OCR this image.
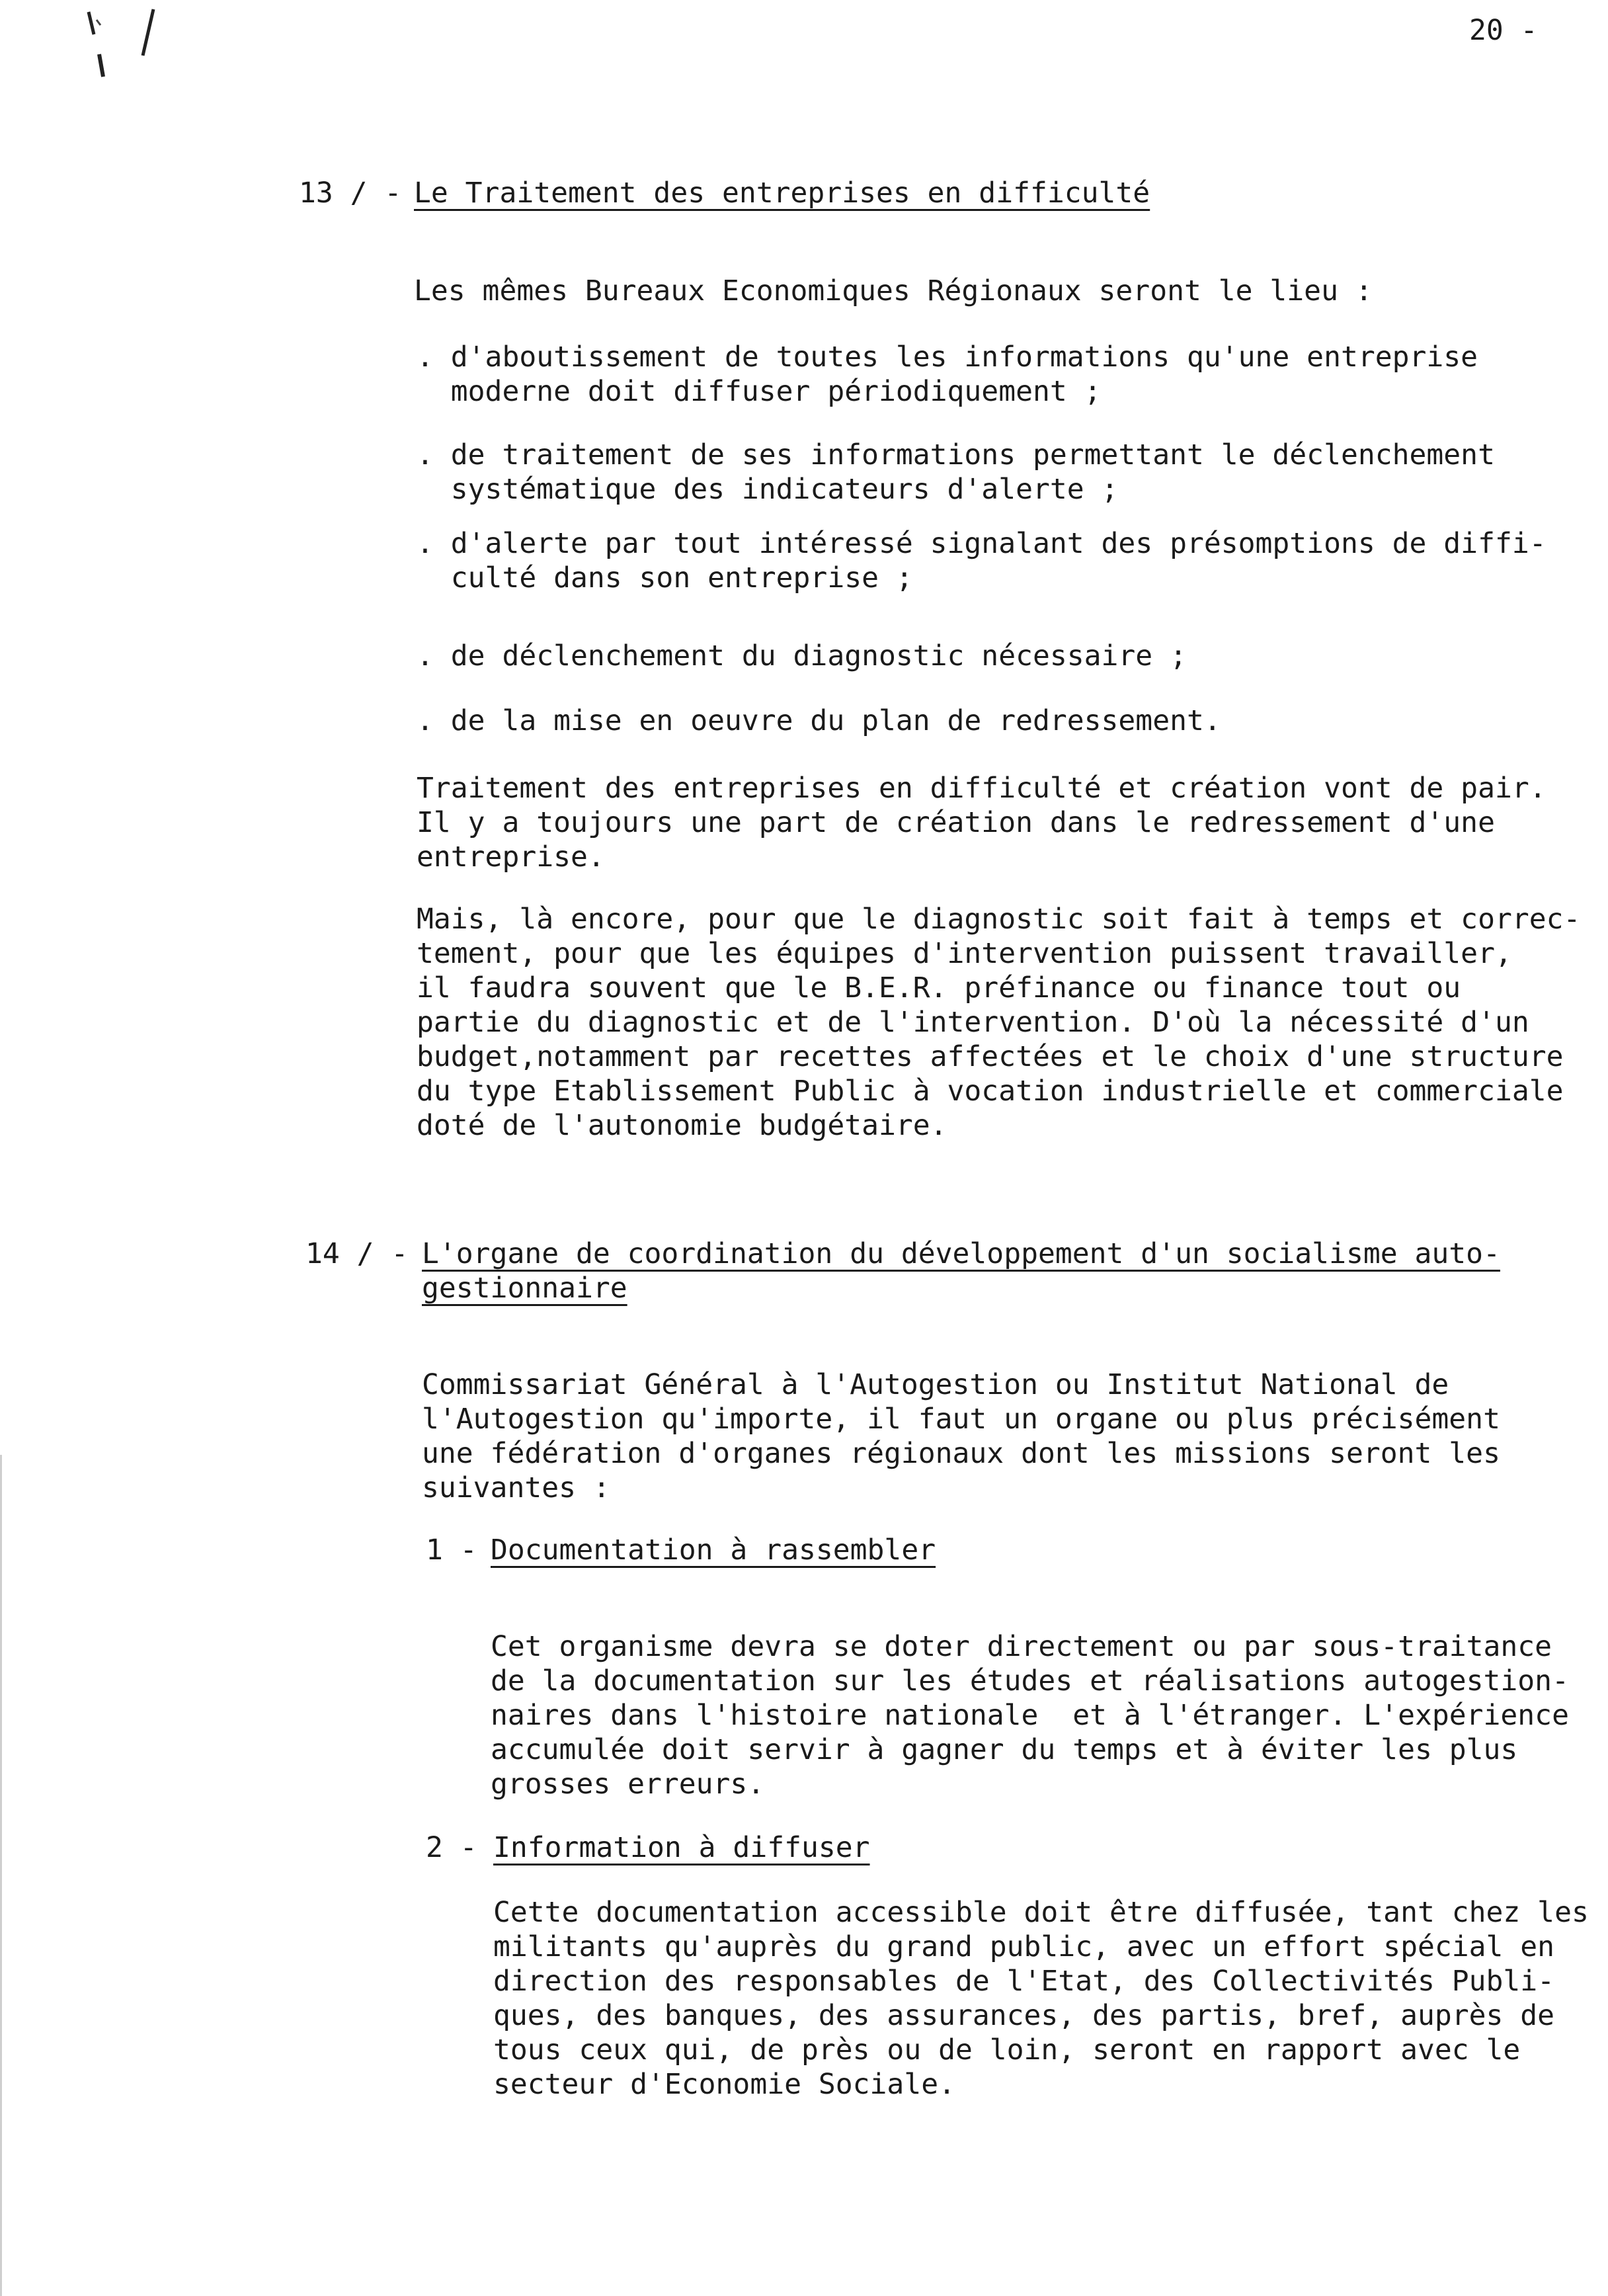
20 -
13 / - Le Traitement des entreprises en difficulté
Les mêmes Bureaux Economiques Régionaux seront le lieu :
. d'aboutissement de toutes les informations qu'une entreprise
moderne doit diffuser périodiquement ;
. de traitement de ses informations permettant le déclenchement
systématique des indicateurs d'alerte ;
. d'alerte par tout intéressé signalant des présomptions de diffi-
culté dans son entreprise ;
. de déclenchement du diagnostic nécessaire ;
. de la mise en oeuvre du plan de redressement.
Traitement des entreprises en difficulté et création vont de pair.
Il y a toujours une part de création dans le redressement d'une
entreprise.
Mais, là encore, pour que le diagnostic soit fait à temps et correc-
tement, pour que les équipes d'intervention puissent travailler,
il faudra souvent que le B.E.R. préfinance ou finance tout ou
partie du diagnostic et de l'intervention. D'où la nécessité d'un
budget,notamment par recettes affectées et le choix d'une structure
du type Etablissement Public à vocation industrielle et commerciale
doté de l'autonomie budgétaire.
14 / - L'organe de coordination du développement d'un socialisme auto-
gestionnaire
Commissariat Général à l'Autogestion ou Institut National de
l'Autogestion qu'importe, il faut un organe ou plus précisément
une fédération d'organes régionaux dont les missions seront les
suivantes :
1 - Documentation à rassembler
Cet organisme devra se doter directement ou par sous-traitance
de la documentation sur les études et réalisations autogestion-
naires dans l'histoire nationale  et à l'étranger. L'expérience
accumulée doit servir à gagner du temps et à éviter les plus
grosses erreurs.
2 - Information à diffuser
Cette documentation accessible doit être diffusée, tant chez les
militants qu'auprès du grand public, avec un effort spécial en
direction des responsables de l'Etat, des Collectivités Publi-
ques, des banques, des assurances, des partis, bref, auprès de
tous ceux qui, de près ou de loin, seront en rapport avec le
secteur d'Economie Sociale.
